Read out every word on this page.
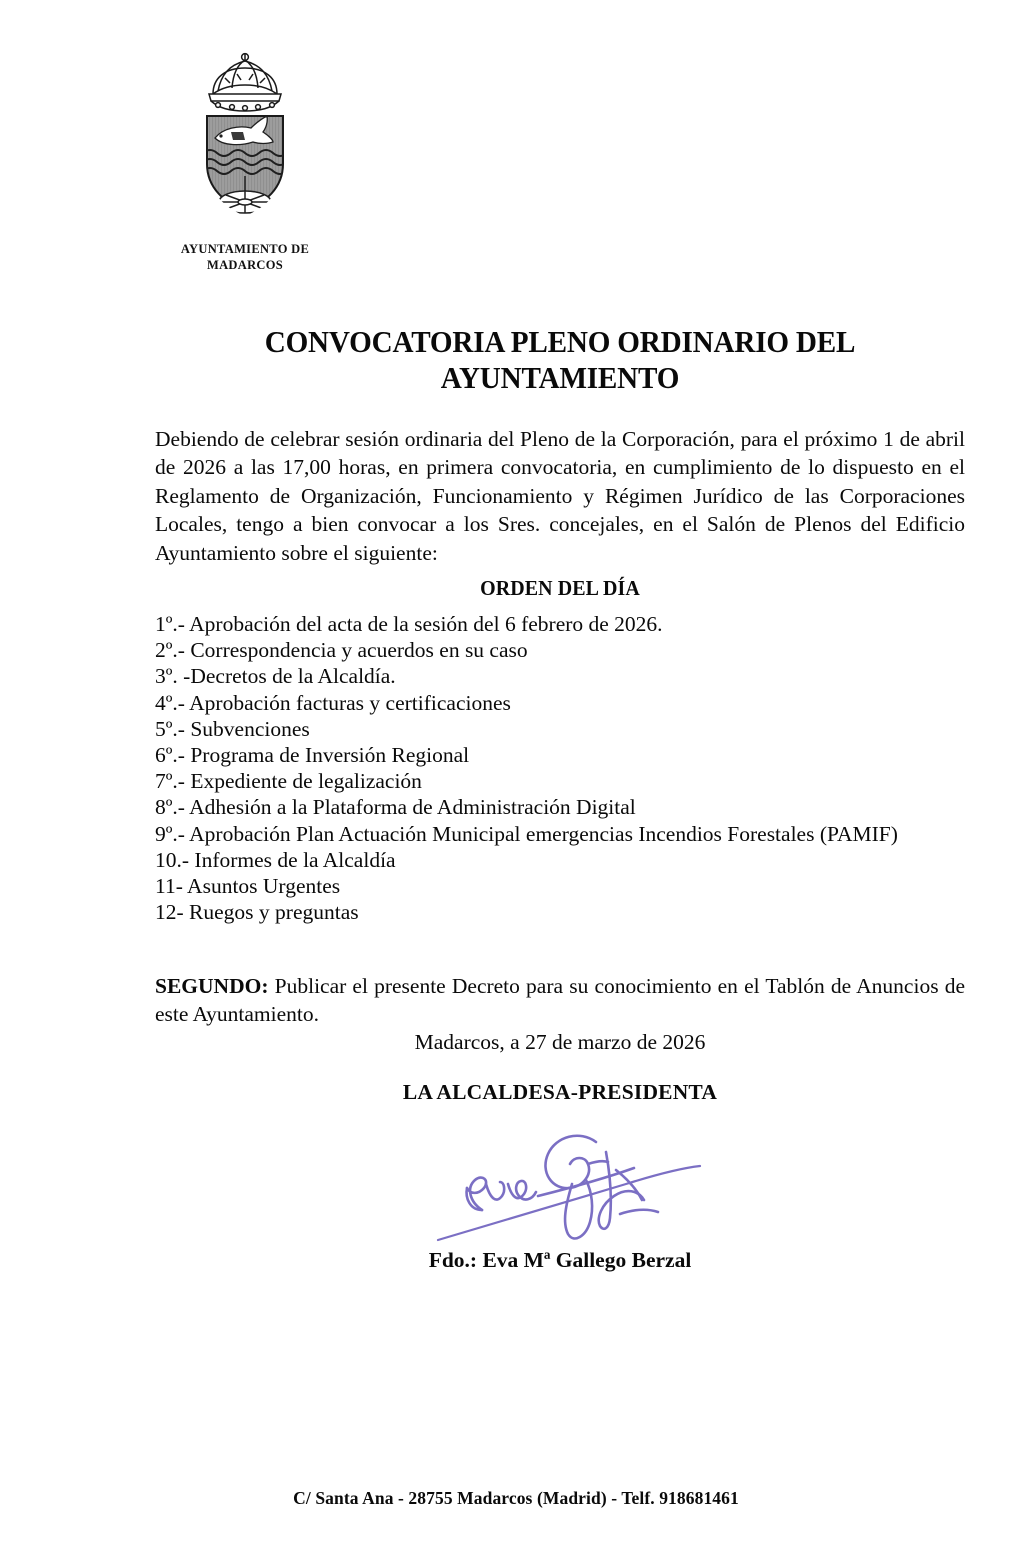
AYUNTAMIENTO DE
MADARCOS
CONVOCATORIA PLENO ORDINARIO DEL AYUNTAMIENTO

Debiendo de celebrar sesión ordinaria del Pleno de la Corporación, para el próximo 1 de abril de 2026 a las 17,00 horas, en primera convocatoria, en cumplimiento de lo dispuesto en el Reglamento de Organización, Funcionamiento y Régimen Jurídico de las Corporaciones Locales, tengo a bien convocar a los Sres. concejales, en el Salón de Plenos del Edificio Ayuntamiento sobre el siguiente:

ORDEN DEL DÍA
1º.- Aprobación del acta de la sesión del 6 febrero de 2026.
2º.- Correspondencia y acuerdos en su caso
3º. -Decretos de la Alcaldía.
4º.- Aprobación facturas y certificaciones
5º.- Subvenciones
6º.- Programa de Inversión Regional
7º.- Expediente de legalización
8º.- Adhesión a la Plataforma de Administración Digital
9º.- Aprobación Plan Actuación Municipal emergencias Incendios Forestales (PAMIF)
10.- Informes de la Alcaldía
11- Asuntos Urgentes
12- Ruegos y preguntas

SEGUNDO: Publicar el presente Decreto para su conocimiento en el Tablón de Anuncios de este Ayuntamiento.

Madarcos, a 27 de marzo de 2026
LA ALCALDESA-PRESIDENTA
Fdo.: Eva Mª Gallego Berzal
C/ Santa Ana - 28755 Madarcos (Madrid) - Telf. 918681461
